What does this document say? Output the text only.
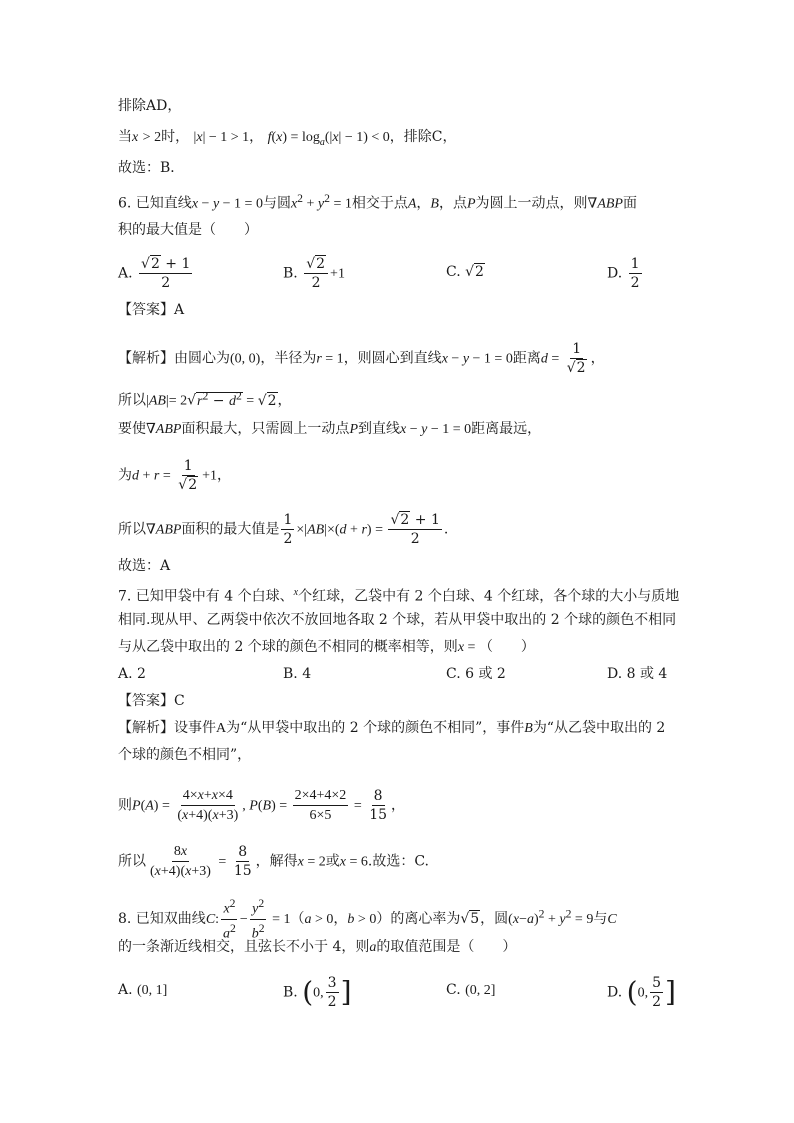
排除AD，
当x > 2时， |x| − 1 > 1， $f(x) = \log_a(|x| - 1) < 0$，排除C，
故选：B．
6. 已知直线x − y − 1 = 0与圆$x^2 + y^2 = 1$相交于点A，B，点P为圆上一动点，则∇ABP面
积的最大值是（　　）
A. $\frac{√2 + 1}{2}$	B. $\frac{√2}{2} +1$	C. √2	D. $\frac{1}{2}$
【答案】A
【解析】由圆心为(0, 0)，半径为r = 1，则圆心到直线x − y − 1 = 0距离$d = \frac{1}{√2}$ ，
所以$|AB|= 2√r^2 - d^2 = √2$，
要使∇ABP面积最大，只需圆上一动点P到直线x − y − 1 = 0距离最远，
为$d + r = \frac{1}{√2} +1$，
所以∇ABP面积的最大值是 $\frac{1}{2} \times|AB|\times(d + r) = \frac{√2 + 1}{2}$ .
故选：A
7. 已知甲袋中有 4 个白球、$^x$个红球，乙袋中有 2 个白球、4 个红球，各个球的大小与质地
相同.现从甲、乙两袋中依次不放回地各取 2 个球，若从甲袋中取出的 2 个球的颜色不相同
与从乙袋中取出的 2 个球的颜色不相同的概率相等，则x = （　　）
A. 2	B. 4	C. 6 或 2	D. 8 或 4
【答案】C
【解析】设事件A为“从甲袋中取出的 2 个球的颜色不相同”，事件B为“从乙袋中取出的 2
个球的颜色不相同”，
则$P(A) = \frac{4\times x+x\times 4}{(x+4)(x+3)}$ , $P(B) = \frac{2\times 4+4\times 2}{6\times 5} = \frac{8}{15}$ ，
所以 $\frac{8x}{(x+4)(x+3)} = \frac{8}{15}$ ，解得x = 2或x = 6.故选：C.
8. 已知双曲线C: $\frac{x^2}{a^2} - \frac{y^2}{b^2} = 1(a > 0$，b > 0）的离心率为√5，圆$(x-a)^2 + y^2 = 9$与C
的一条渐近线相交，且弦长不小于 4，则a的取值范围是（　　）
A. (0, 1]	B. (0, $\frac{3}{2}$ ]	C. (0, 2]	D. (0, $\frac{5}{2}$ ]
